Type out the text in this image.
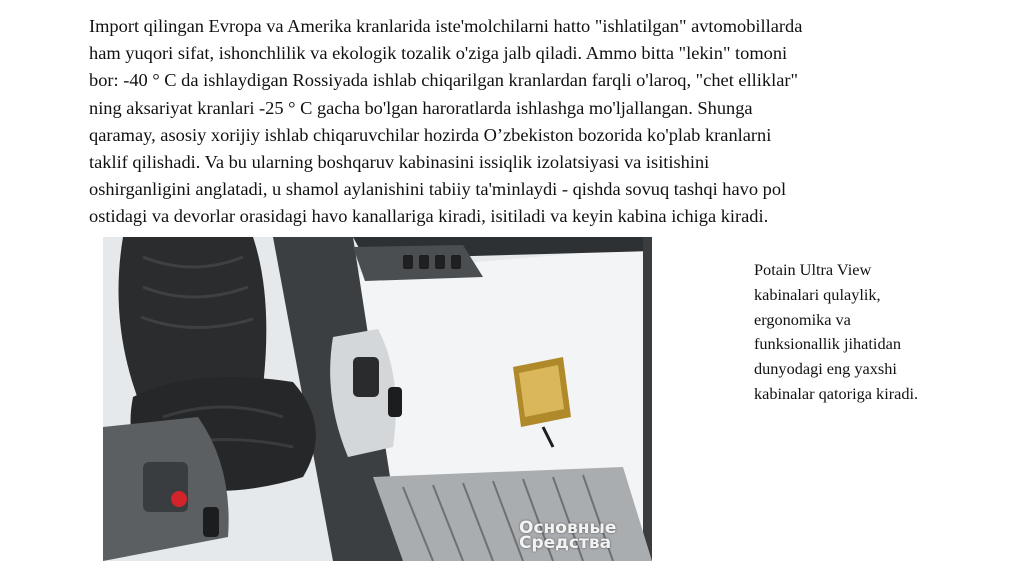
Import qilingan Evropa va Amerika kranlarida iste'molchilarni hatto "ishlatilgan" avtomobillarda
ham yuqori sifat, ishonchlilik va ekologik tozalik o'ziga jalb qiladi. Ammo bitta "lekin" tomoni
bor: -40 ° C da ishlaydigan Rossiyada ishlab chiqarilgan kranlardan farqli o'laroq, "chet elliklar"
ning aksariyat kranlari -25 ° C gacha bo'lgan haroratlarda ishlashga mo'ljallangan. Shunga
qaramay, asosiy xorijiy ishlab chiqaruvchilar hozirda O’zbekiston bozorida ko'plab kranlarni
taklif qilishadi. Va bu ularning boshqaruv kabinasini issiqlik izolatsiyasi va isitishini
oshirganligini anglatadi, u shamol aylanishini tabiiy ta'minlaydi - qishda sovuq tashqi havo pol
ostidagi va devorlar orasidagi havo kanallariga kiradi, isitiladi va keyin kabina ichiga kiradi.

Основные
Средства

Potain Ultra View
kabinalari qulaylik,
ergonomika va
funksionallik jihatidan
dunyodagi eng yaxshi
kabinalar qatoriga kiradi.
